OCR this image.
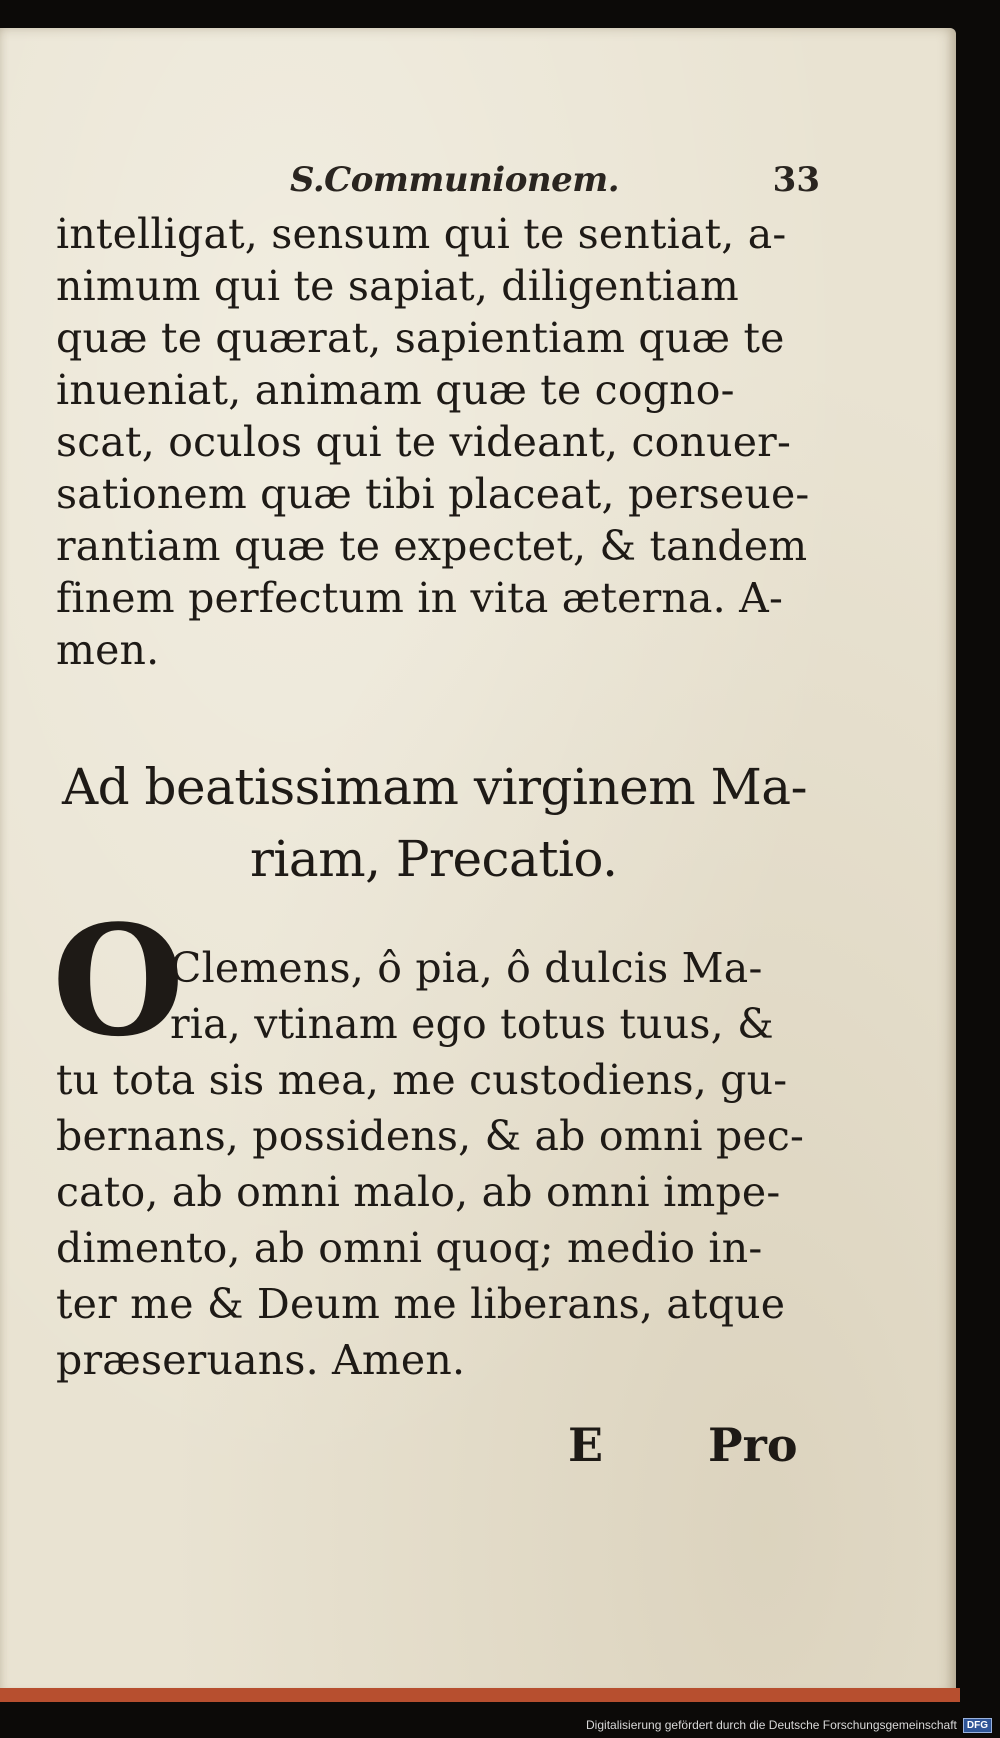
S.Communionem.	33
intelligat, sensum qui te sentiat, a-
nimum qui te sapiat, diligentiam
quæ te quærat, sapientiam quæ te
inueniat, animam quæ te cogno-
scat, oculos qui te videant, conuer-
sationem quæ tibi placeat, perseue-
rantiam quæ te expectet, & tandem
finem perfectum in vita æterna. A-
men.
Ad beatissimam virginem Ma-
riam, Precatio.
O
Clemens, ô pia, ô dulcis Ma-
ria, vtinam ego totus tuus, &
tu tota sis mea, me custodiens, gu-
bernans, possidens, & ab omni pec-
cato, ab omni malo, ab omni impe-
dimento, ab omni quoq; medio in-
ter me & Deum me liberans, atque
præseruans. Amen.
E Pro
Digitalisierung gefördert durch die Deutsche Forschungsgemeinschaft	DFG
